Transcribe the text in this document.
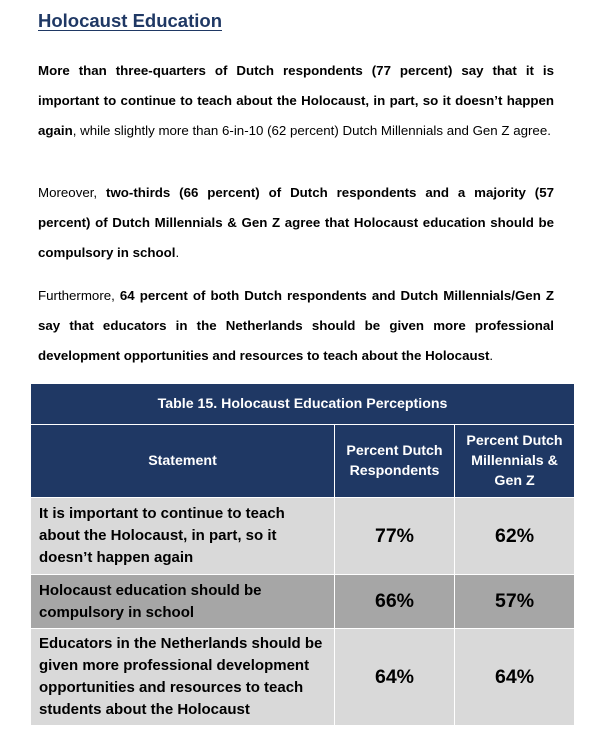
Holocaust Education

More than three-quarters of Dutch respondents (77 percent) say that it is important to continue to teach about the Holocaust, in part, so it doesn’t happen again, while slightly more than 6-in-10 (62 percent) Dutch Millennials and Gen Z agree.

Moreover, two-thirds (66 percent) of Dutch respondents and a majority (57 percent) of Dutch Millennials & Gen Z agree that Holocaust education should be compulsory in school.

Furthermore, 64 percent of both Dutch respondents and Dutch Millennials/Gen Z say that educators in the Netherlands should be given more professional development opportunities and resources to teach about the Holocaust.

Table 15. Holocaust Education Perceptions		
Statement	Percent Dutch Respondents	Percent Dutch Millennials & Gen Z
It is important to continue to teach about the Holocaust, in part, so it doesn’t happen again	77%	62%
Holocaust education should be compulsory in school	66%	57%
Educators in the Netherlands should be given more professional development opportunities and resources to teach students about the Holocaust	64%	64%
